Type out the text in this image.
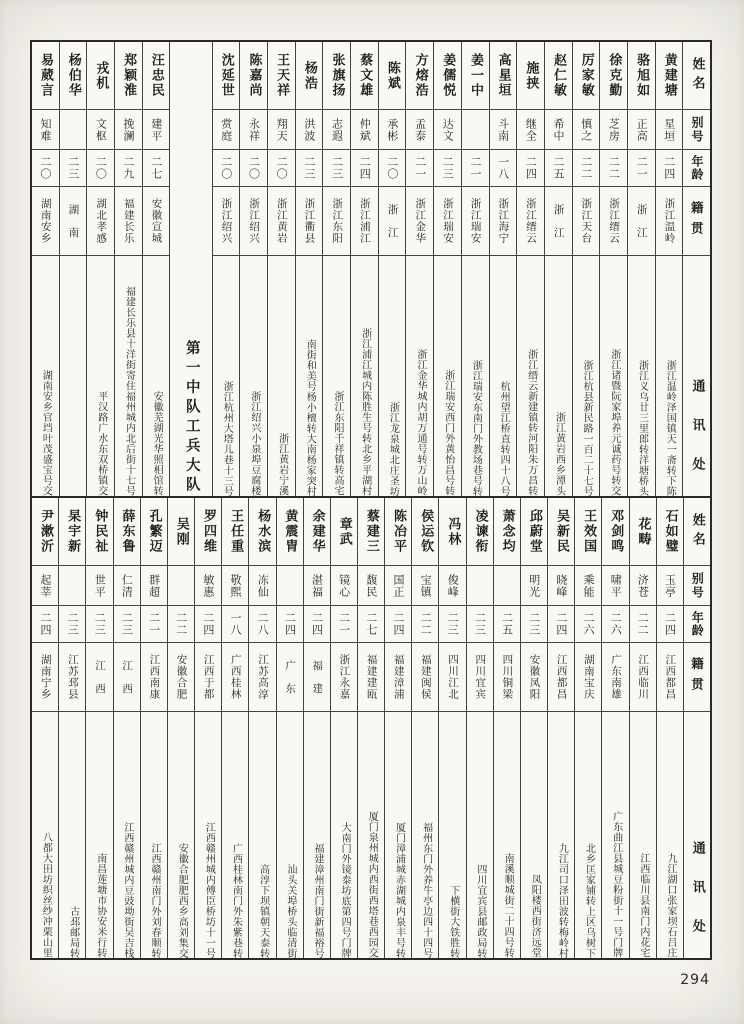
姓名
别号
年龄
籍贯
通讯处
黄建塘
星垣
二四
浙江温岭
浙江温岭泽国镇天一斋转下陈
骆旭如
正高
二一
浙　江
浙江义乌廿三里郎转洋塘桥头
徐克勤
芝房
二二
浙江缙云
浙江诸暨阮家埠养元诚药号转交
厉家敏
慎之
二二
浙江天台
浙江杭县新民路一百二十七号
赵仁敏
希中
二五
浙　江
浙江黄岩西乡潭头
施挟
继全
二四
浙江缙云
浙江缙云新建镇转河阳朱万昌转
高星垣
斗南
一八
浙江海宁
杭州望江桥直转四十八号
姜一中
二一
浙江瑞安
浙江瑞安东南门外教场巷号转
姜儒悦
达文
二三
浙江瑞安
浙江瑞安西门外黄怡昌号转
方熔浩
孟泰
二一
浙江金华
浙江金华城内胡万通号转万山岭
陈斌
承彬
二〇
浙　江
浙江龙泉城北庄圣坊
蔡文雄
仲斌
二四
浙江浦江
浙江浦江城内陈胜生号转北乡平湖村
张旗扬
志遐
二三
浙江东阳
浙江东阳千祥镇转高宅
杨浩
洪波
二三
浙江衢县
南街和美号杨小檀转大南杨家突村
王天祥
翔天
二〇
浙江黄岩
浙江黄岩宁溪
陈嘉尚
永祥
二〇
浙江绍兴
浙江绍兴小泉埠豆腐楼
沈延世
赏庭
二〇
浙江绍兴
浙江杭州大塔儿巷十三号
工兵大队
第一中队
汪忠民
建平
二七
安徽宣城
安徽芜湖光华照相馆转
郑颖淮
挽澜
二九
福建长乐
福建长乐县十洋街寄住福州城内北后街十七号
戎机
文枢
二〇
湖北孝感
平汉路广水东双桥镇交
杨伯华
二三
湖　南
易葳言
知难
二〇
湖南安乡
湖南安乡官垱叶茂盛宝号交
姓名
别号
年龄
籍贯
通讯处
石如璧
玉亭
二四
江西都昌
九江湖口张家坝石吕庄
花畴
济苍
二二
江西临川
江西临川县南门内花宅
邓剑鸣
啸平
二六
广东南雄
广东曲江县城豆粉街十一号门牌
王效国
乘能
二六
湖南宝庆
北乡匡家铺转上区乌树下
吴新民
晓峰
二四
江西都昌
九江司口泽田波转梅岭村
邱蔚堂
明光
二三
安徽凤阳
凤阳楼西街济远堂
萧念均
二五
四川铜梁
南溪顺城街二十四号转
凌谏衔
二三
四川宜宾
四川宜宾县邮政局转
冯林
俊峰
二三
四川江北
下横街大铁胜转
侯运钦
宝镇
二二
福建闽侯
福州东门外养牛亭边四十四号
陈冶平
国正
二四
福建漳浦
厦门漳浦城赤湖城内泉丰号转
蔡建三
馥民
二七
福建建瓯
厦门泉州城内西街西塔巷西园交
章武
镜心
二一
浙江永嘉
大南门外镜泰坊底第四号门牌
余建华
湛福
二四
福　建
福建漳州南门街新福裕号
黄震胄
二四
广　东
汕头关埠桥头临清街
杨水滨
冻仙
二八
江苏高淳
高淳下坝镇朝天泰转
王任重
敬熙
一八
广西桂林
广西桂林南门外朱紫巷转
罗四维
敏惠
二四
江西于都
江西赣州城内傅臣桥坊十一号
吴刚
二二
安徽合肥
安徽合肥肥西乡高刘集交
孔繁迈
群超
二一
江西南康
江西赣州南门外刘春顺转
薛东鲁
仁清
二三
江　西
江西赣州城内豆豉坳街吴吉栈
钟民祉
世平
二三
江　西
南昌莲塘市协安米行转
杲宇新
二三
江苏邳县
古邳邮局转
尹漱沂
起莘
二四
湖南宁乡
八都大田坊织丝纱冲栗山里
294
